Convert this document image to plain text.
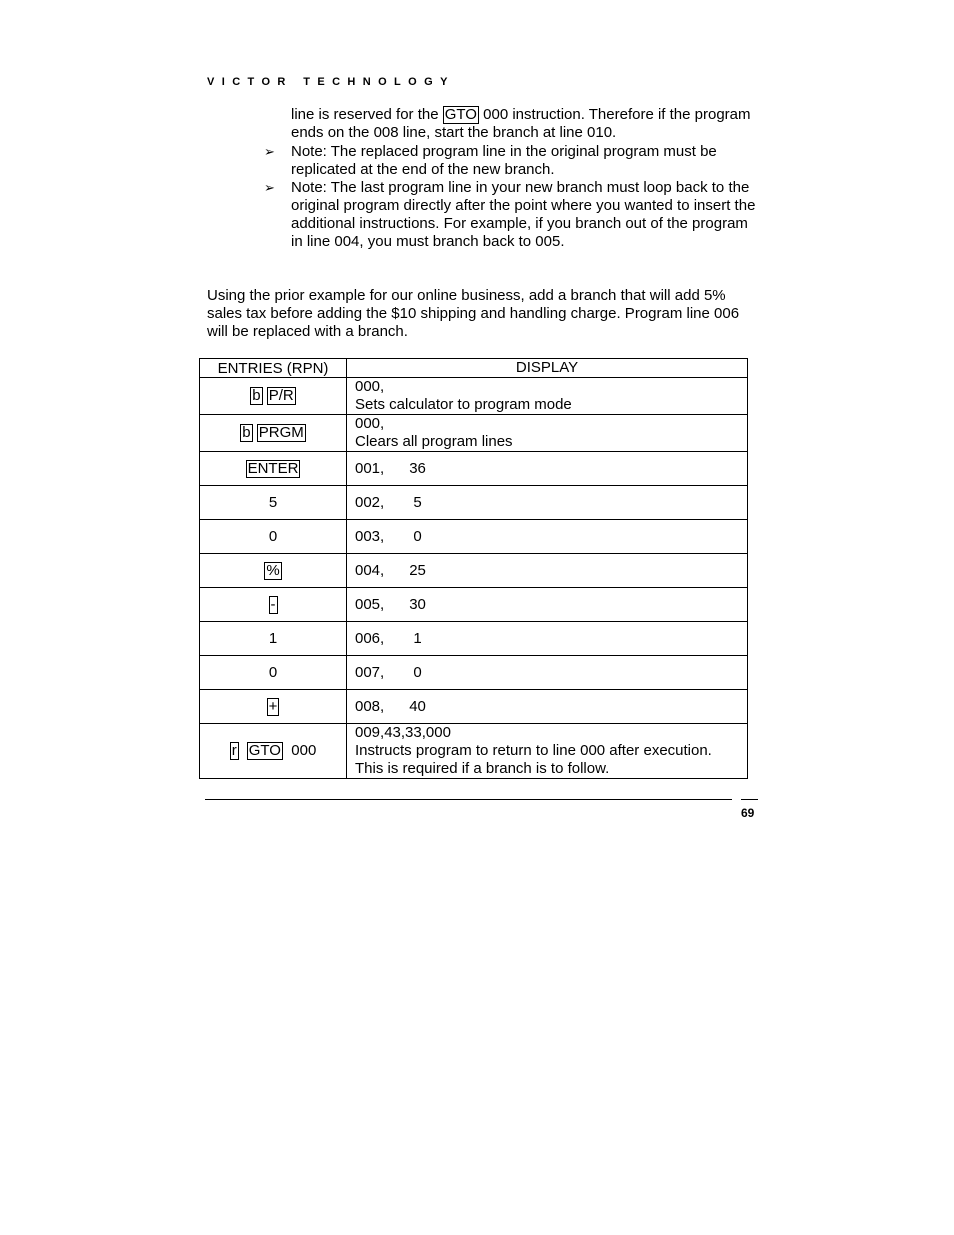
VICTOR TECHNOLOGY
line is reserved for the GTO 000 instruction. Therefore if the program ends on the 008 line, start the branch at line 010.
➢ Note: The replaced program line in the original program must be replicated at the end of the new branch.
➢ Note: The last program line in your new branch must loop back to the original program directly after the point where you wanted to insert the additional instructions. For example, if you branch out of the program in line 004, you must branch back to 005.
Using the prior example for our online business, add a branch that will add 5% sales tax before adding the $10 shipping and handling charge. Program line 006 will be replaced with a branch.
ENTRIES (RPN)	DISPLAY
b P/R	000,
Sets calculator to program mode

b PRGM	000,
Clears all program lines

ENTER	001,      36
5	002,       5
0	003,       0
%	004,      25
-	005,      30
1	006,       1
0	007,       0
+	008,      40
r GTO 000	009,43,33,000
Instructs program to return to line 000 after execution.
This is required if a branch is to follow.
69
